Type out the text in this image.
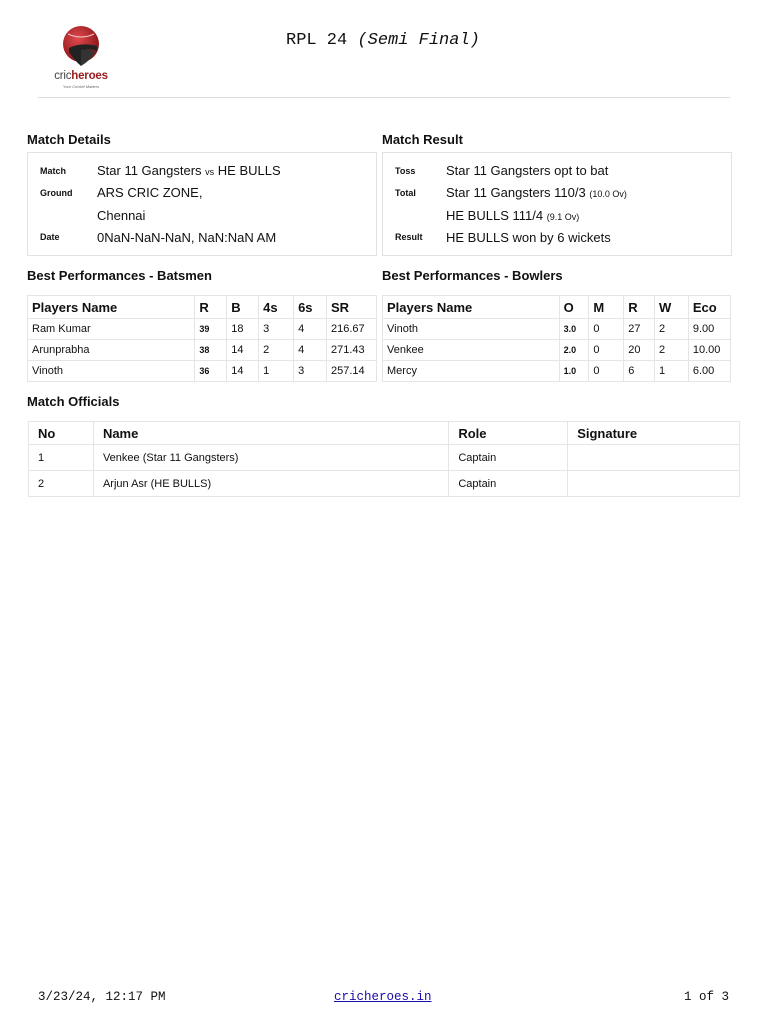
cricheroes
Your Cricket Matters
RPL 24 (Semi Final)
Match Details
Match Star 11 Gangsters vs HE BULLS
Ground ARS CRIC ZONE,
Chennai
Date	0NaN-NaN-NaN, NaN:NaN AM
Match Result
Toss Star 11 Gangsters opt to bat
Total Star 11 Gangsters 110/3 (10.0 Ov)
HE BULLS 111/4 (9.1 Ov)
Result HE BULLS won by 6 wickets
Best Performances - Batsmen
Players Name	R	B	4s	6s	SR
Ram Kumar	39	18	3	4	216.67
Arunprabha	38	14	2	4	271.43
Vinoth	36	14	1	3	257.14
Best Performances - Bowlers
Players Name	O	M	R	W	Eco
Vinoth	3.0	0	27	2	9.00
Venkee	2.0	0	20	2	10.00
Mercy	1.0	0	6	1	6.00
Match Officials
No	Name	Role	Signature
1	Venkee (Star 11 Gangsters)	Captain	
2	Arjun Asr (HE BULLS)	Captain	
3/23/24, 12:17 PM	cricheroes.in	1 of 3
